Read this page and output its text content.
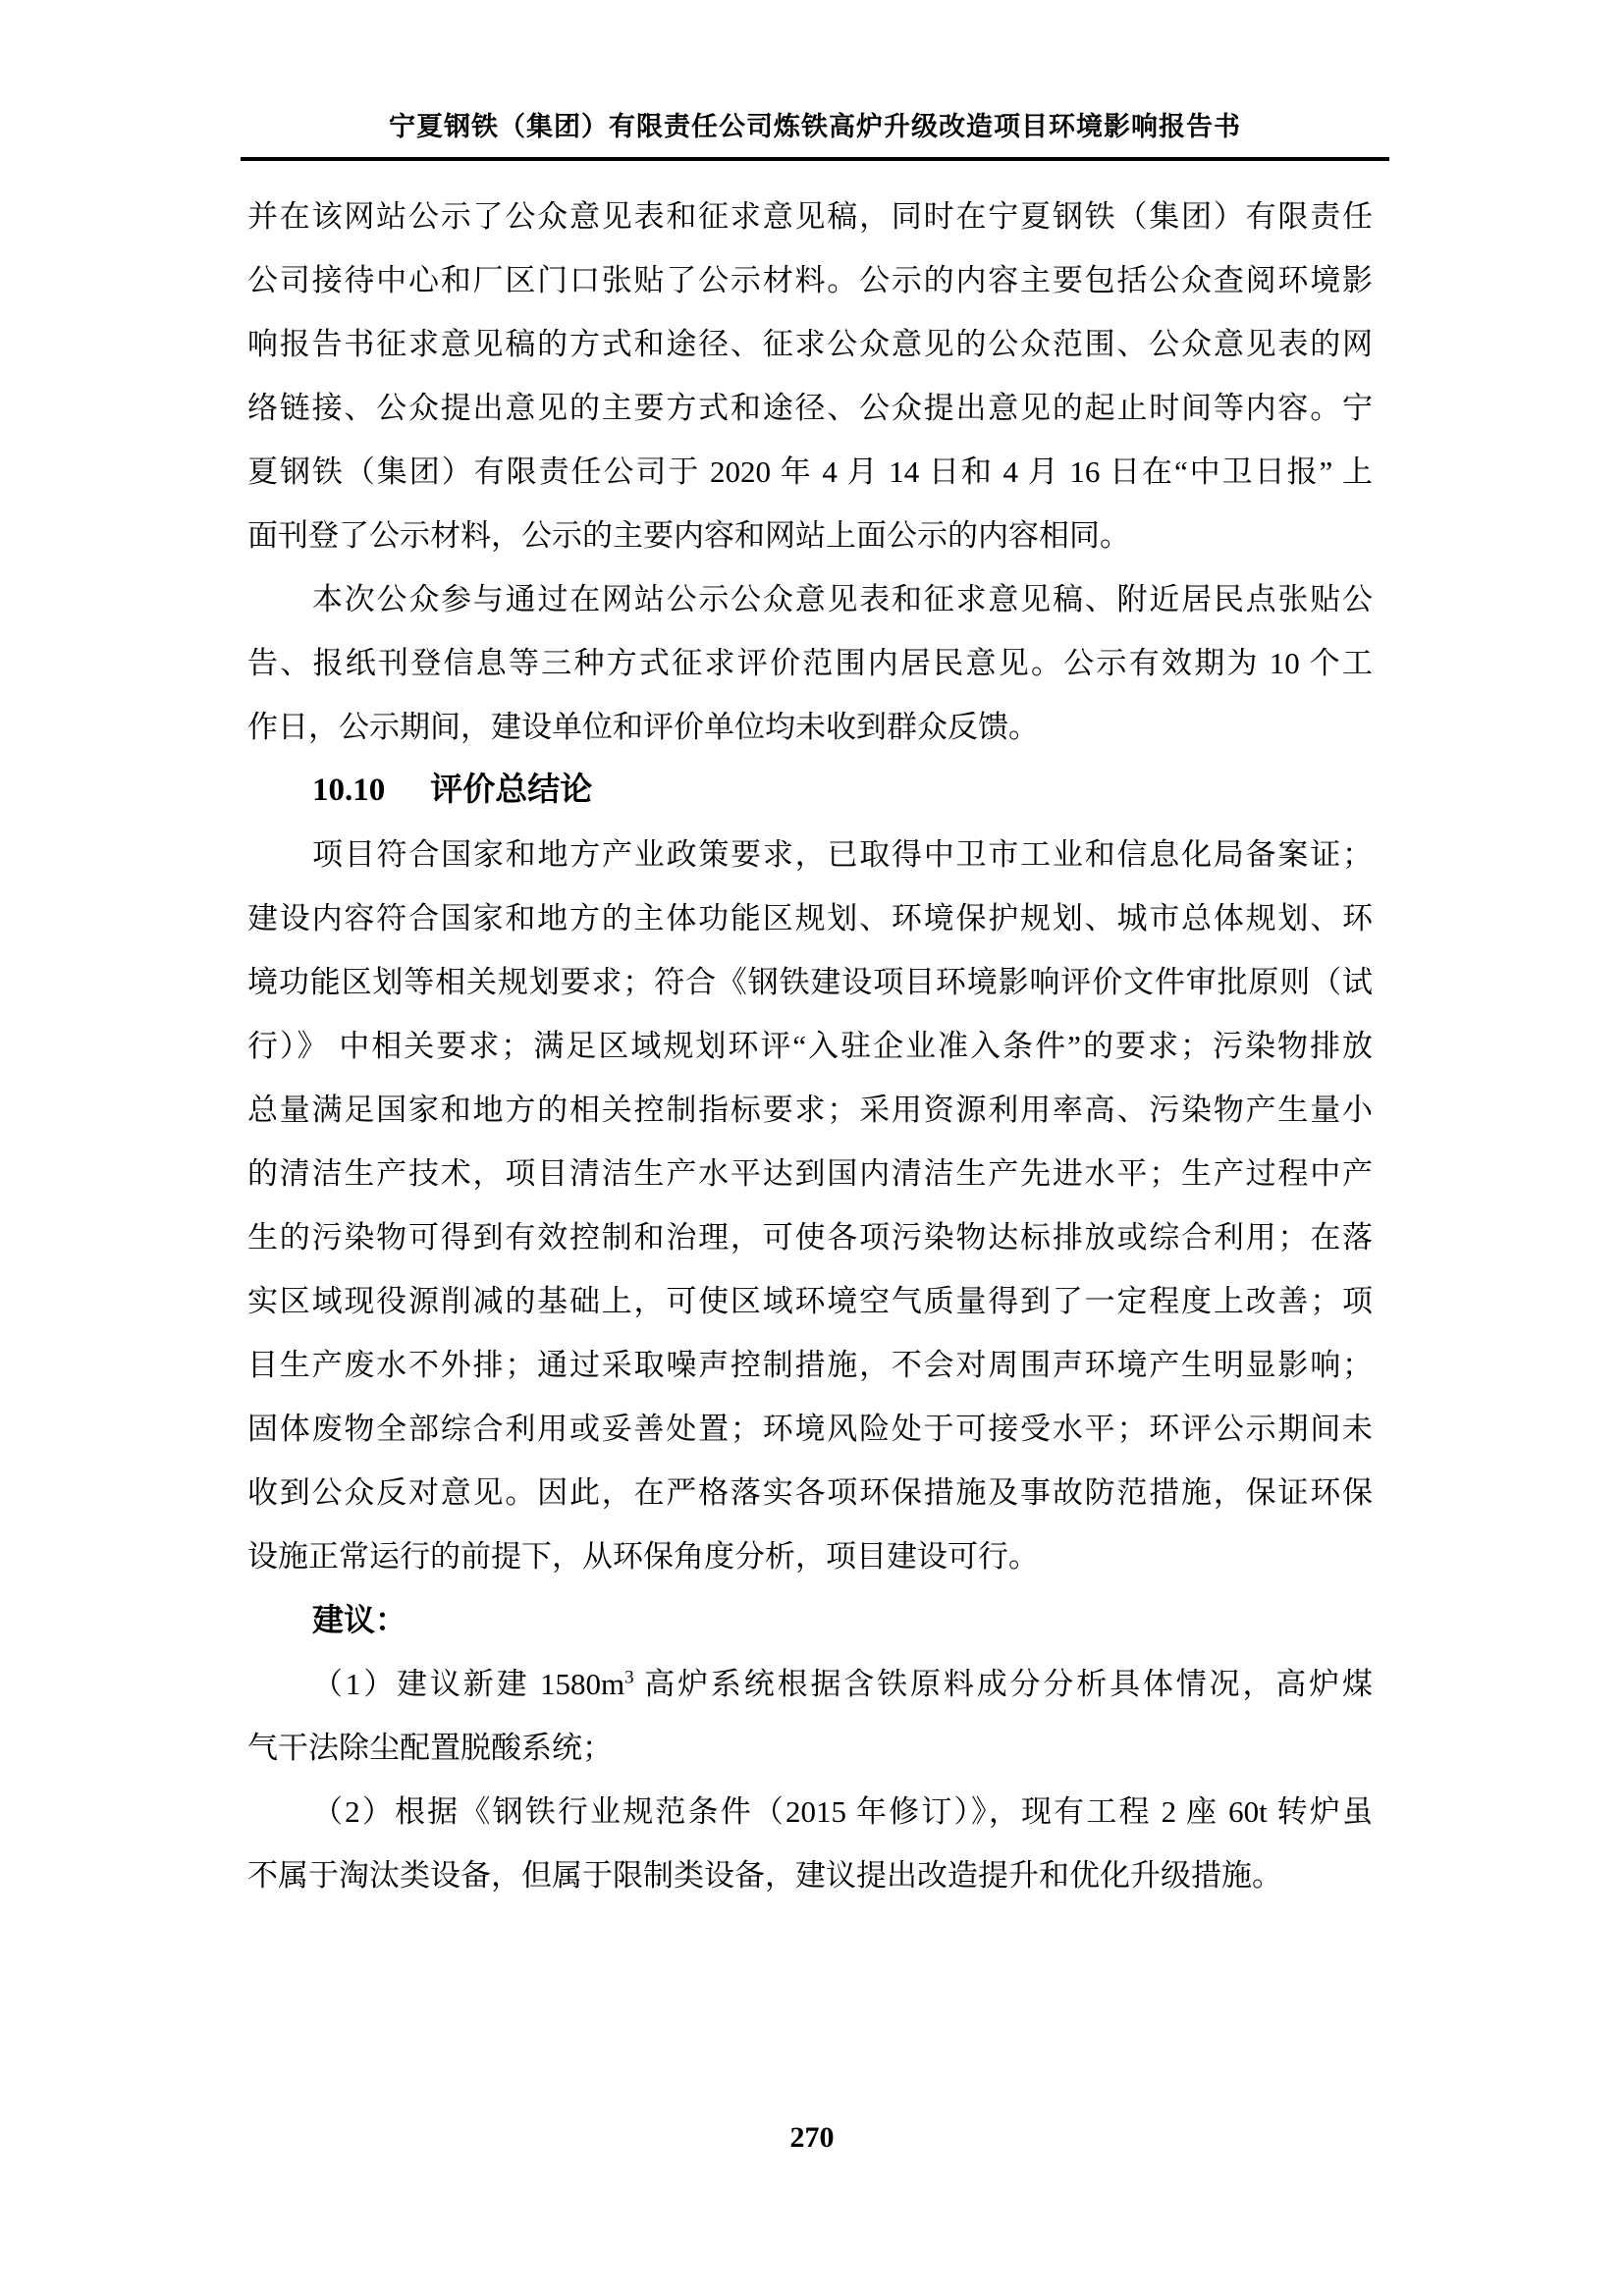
宁夏钢铁（集团）有限责任公司炼铁高炉升级改造项目环境影响报告书
并在该网站公示了公众意见表和征求意见稿，同时在宁夏钢铁（集团）有限责任
公司接待中心和厂区门口张贴了公示材料。公示的内容主要包括公众查阅环境影
响报告书征求意见稿的方式和途径、征求公众意见的公众范围、公众意见表的网
络链接、公众提出意见的主要方式和途径、公众提出意见的起止时间等内容。宁
夏钢铁（集团）有限责任公司于 2020 年 4 月 14 日和 4 月 16 日在“中卫日报” 上
面刊登了公示材料，公示的主要内容和网站上面公示的内容相同。
本次公众参与通过在网站公示公众意见表和征求意见稿、附近居民点张贴公
告、报纸刊登信息等三种方式征求评价范围内居民意见。公示有效期为 10 个工
作日，公示期间，建设单位和评价单位均未收到群众反馈。
10.10 评价总结论
项目符合国家和地方产业政策要求，已取得中卫市工业和信息化局备案证；
建设内容符合国家和地方的主体功能区规划、环境保护规划、城市总体规划、环
境功能区划等相关规划要求；符合《钢铁建设项目环境影响评价文件审批原则（试
行）》 中相关要求；满足区域规划环评“入驻企业准入条件”的要求；污染物排放
总量满足国家和地方的相关控制指标要求；采用资源利用率高、污染物产生量小
的清洁生产技术，项目清洁生产水平达到国内清洁生产先进水平；生产过程中产
生的污染物可得到有效控制和治理，可使各项污染物达标排放或综合利用；在落
实区域现役源削减的基础上，可使区域环境空气质量得到了一定程度上改善；项
目生产废水不外排；通过采取噪声控制措施，不会对周围声环境产生明显影响；
固体废物全部综合利用或妥善处置；环境风险处于可接受水平；环评公示期间未
收到公众反对意见。因此，在严格落实各项环保措施及事故防范措施，保证环保
设施正常运行的前提下，从环保角度分析，项目建设可行。
建议：
（1）建议新建 $1580m^3$ 高炉系统根据含铁原料成分分析具体情况，高炉煤
气干法除尘配置脱酸系统；
（2）根据《钢铁行业规范条件（2015 年修订）》，现有工程 2 座 60t 转炉虽
不属于淘汰类设备，但属于限制类设备，建议提出改造提升和优化升级措施。
270
